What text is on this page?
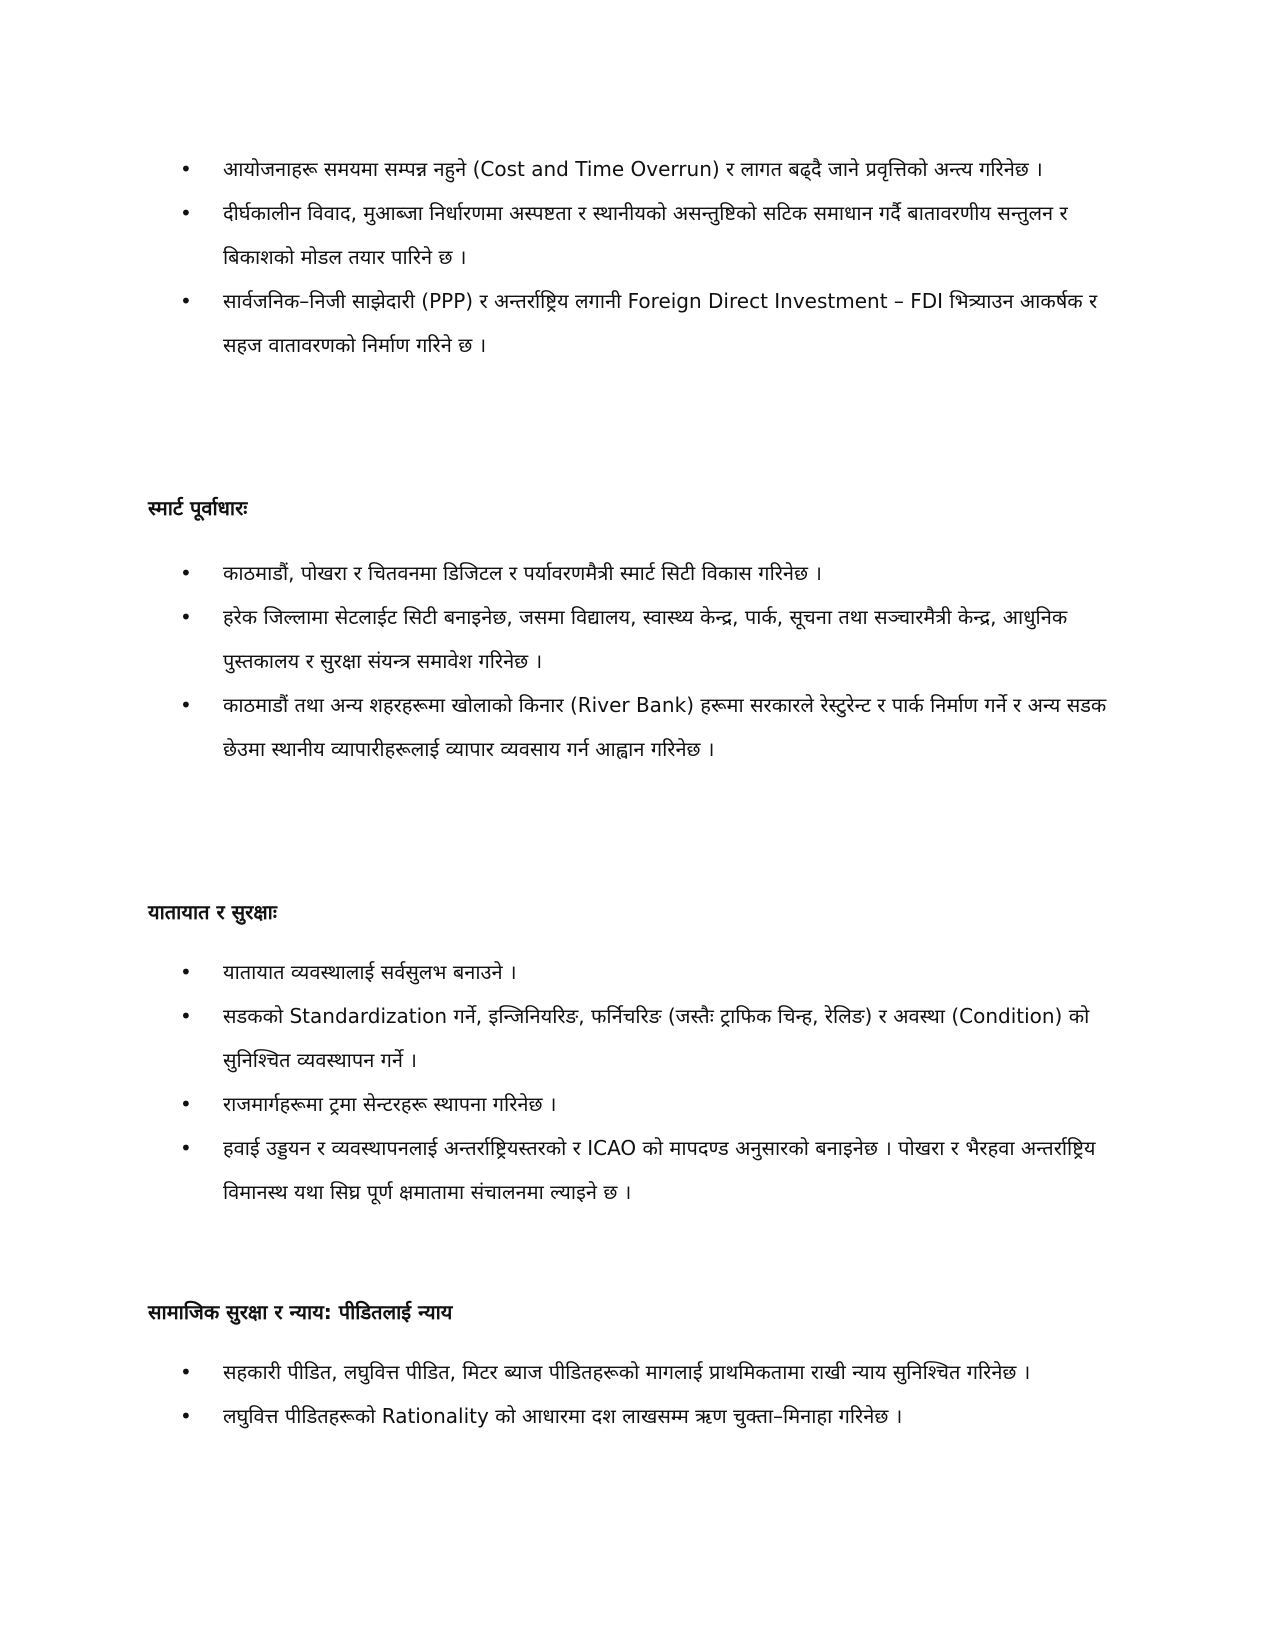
• आयोजनाहरू समयमा सम्पन्न नहुने (Cost and Time Overrun) र लागत बढ्दै जाने प्रवृत्तिको अन्त्य गरिनेछ ।
• दीर्घकालीन विवाद, मुआब्जा निर्धारणमा अस्पष्टता र स्थानीयको असन्तुष्टिको सटिक समाधान गर्दै बातावरणीय सन्तुलन र बिकाशको मोडल तयार पारिने छ ।
• सार्वजनिक–निजी साझेदारी (PPP) र अन्तर्राष्ट्रिय लगानी Foreign Direct Investment – FDI भित्र्याउन आकर्षक र सहज वातावरणको निर्माण गरिने छ ।
स्मार्ट पूर्वाधारः
• काठमाडौं, पोखरा र चितवनमा डिजिटल र पर्यावरणमैत्री स्मार्ट सिटी विकास गरिनेछ ।
• हरेक जिल्लामा सेटलाईट सिटी बनाइनेछ, जसमा विद्यालय, स्वास्थ्य केन्द्र, पार्क, सूचना तथा सञ्चारमैत्री केन्द्र, आधुनिक पुस्तकालय र सुरक्षा संयन्त्र समावेश गरिनेछ ।
• काठमाडौं तथा अन्य शहरहरूमा खोलाको किनार (River Bank) हरूमा सरकारले रेस्टुरेन्ट र पार्क निर्माण गर्ने र अन्य सडक छेउमा स्थानीय व्यापारीहरूलाई व्यापार व्यवसाय गर्न आह्वान गरिनेछ ।
यातायात र सुरक्षाः
• यातायात व्यवस्थालाई सर्वसुलभ बनाउने ।
• सडकको Standardization गर्ने, इन्जिनियरिङ, फर्निचरिङ (जस्तैः ट्राफिक चिन्ह, रेलिङ) र अवस्था (Condition) को सुनिश्चित व्यवस्थापन गर्ने ।
• राजमार्गहरूमा ट्रमा सेन्टरहरू स्थापना गरिनेछ ।
• हवाई उड्डयन र व्यवस्थापनलाई अन्तर्राष्ट्रियस्तरको र ICAO को मापदण्ड अनुसारको बनाइनेछ । पोखरा र भैरहवा अन्तर्राष्ट्रिय विमानस्थ यथा सिघ्र पूर्ण क्षमातामा संचालनमा ल्याइने छ ।
सामाजिक सुरक्षा र न्याय: पीडितलाई न्याय
• सहकारी पीडित, लघुवित्त पीडित, मिटर ब्याज पीडितहरूको मागलाई प्राथमिकतामा राखी न्याय सुनिश्चित गरिनेछ ।
• लघुवित्त पीडितहरूको Rationality को आधारमा दश लाखसम्म ऋण चुक्ता–मिनाहा गरिनेछ ।
